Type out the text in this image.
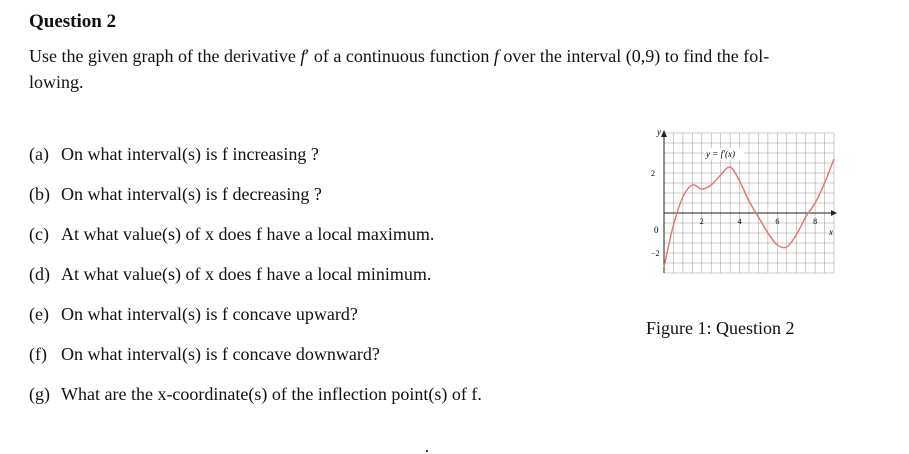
Question 2
Use the given graph of the derivative f′ of a continuous function f over the interval (0,9) to find the fol-
lowing.
(a) On what interval(s) is f increasing ?
(b) On what interval(s) is f decreasing ?
(c) At what value(s) of x does f have a local maximum.
(d) At what value(s) of x does f have a local minimum.
(e) On what interval(s) is f concave upward?
(f) On what interval(s) is f concave downward?
(g) What are the x-coordinate(s) of the inflection point(s) of f.
2	4	6	8
−2
2
y = f′(x)
y
x
0
Figure 1: Question 2
